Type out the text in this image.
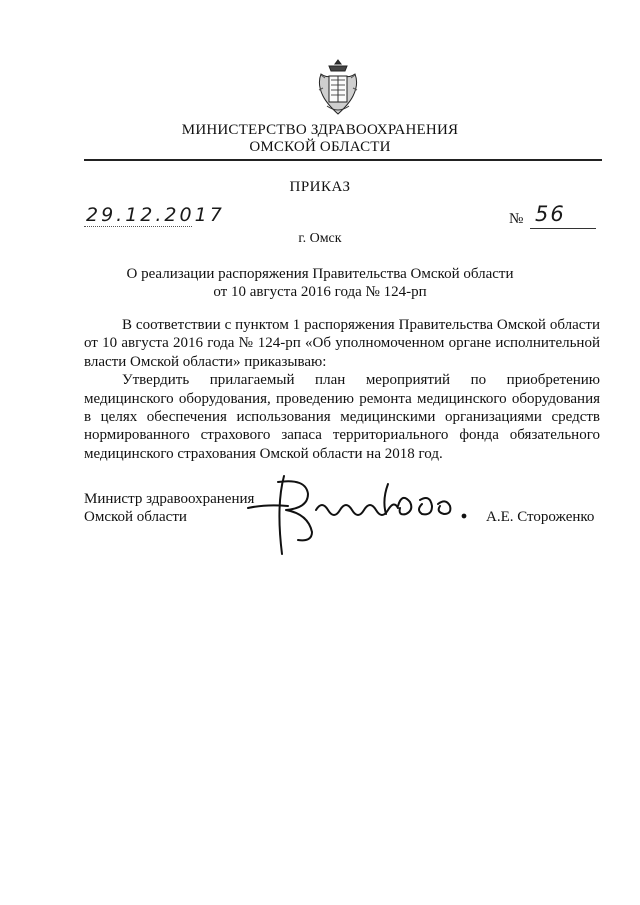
МИНИСТЕРСТВО ЗДРАВООХРАНЕНИЯ
ОМСКОЙ ОБЛАСТИ
ПРИКАЗ
29.12.2017	№ 56
г. Омск
О реализации распоряжения Правительства Омской области
от 10 августа 2016 года № 124-рп

В соответствии с пунктом 1 распоряжения Правительства Омской области от 10 августа 2016 года № 124-рп «Об уполномоченном органе исполнительной власти Омской области» приказываю:

Утвердить прилагаемый план мероприятий по приобретению медицинского оборудования, проведению ремонта медицинского оборудования в целях обеспечения использования медицинскими организациями средств нормированного страхового запаса территориального фонда обязательного медицинского страхования Омской области на 2018 год.

Министр здравоохранения
Омской области	А.Е. Стороженко
